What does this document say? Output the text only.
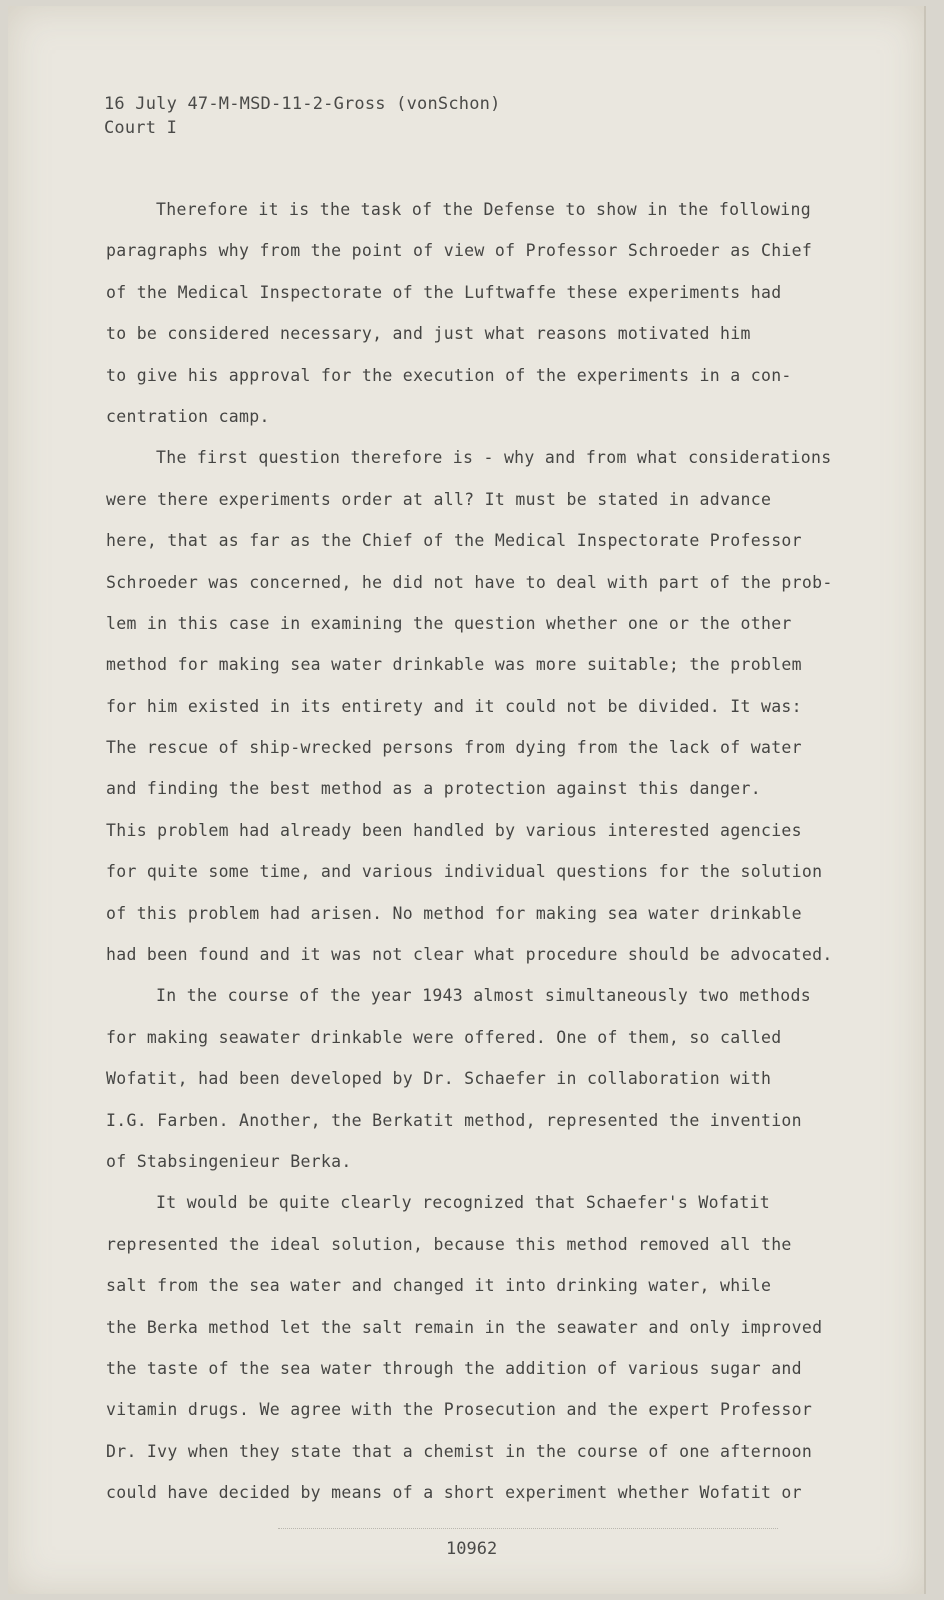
16 July 47-M-MSD-11-2-Gross (vonSchon)
Court I
Therefore it is the task of the Defense to show in the following
paragraphs why from the point of view of Professor Schroeder as Chief
of the Medical Inspectorate of the Luftwaffe these experiments had
to be considered necessary, and just what reasons motivated him
to give his approval for the execution of the experiments in a con-
centration camp.
The first question therefore is - why and from what considerations
were there experiments order at all? It must be stated in advance
here, that as far as the Chief of the Medical Inspectorate Professor
Schroeder was concerned, he did not have to deal with part of the prob-
lem in this case in examining the question whether one or the other
method for making sea water drinkable was more suitable; the problem
for him existed in its entirety and it could not be divided. It was:
The rescue of ship-wrecked persons from dying from the lack of water
and finding the best method as a protection against this danger.
This problem had already been handled by various interested agencies
for quite some time, and various individual questions for the solution
of this problem had arisen. No method for making sea water drinkable
had been found and it was not clear what procedure should be advocated.
In the course of the year 1943 almost simultaneously two methods
for making seawater drinkable were offered. One of them, so called
Wofatit, had been developed by Dr. Schaefer in collaboration with
I.G. Farben. Another, the Berkatit method, represented the invention
of Stabsingenieur Berka.
It would be quite clearly recognized that Schaefer's Wofatit
represented the ideal solution, because this method removed all the
salt from the sea water and changed it into drinking water, while
the Berka method let the salt remain in the seawater and only improved
the taste of the sea water through the addition of various sugar and
vitamin drugs. We agree with the Prosecution and the expert Professor
Dr. Ivy when they state that a chemist in the course of one afternoon
could have decided by means of a short experiment whether Wofatit or
10962
